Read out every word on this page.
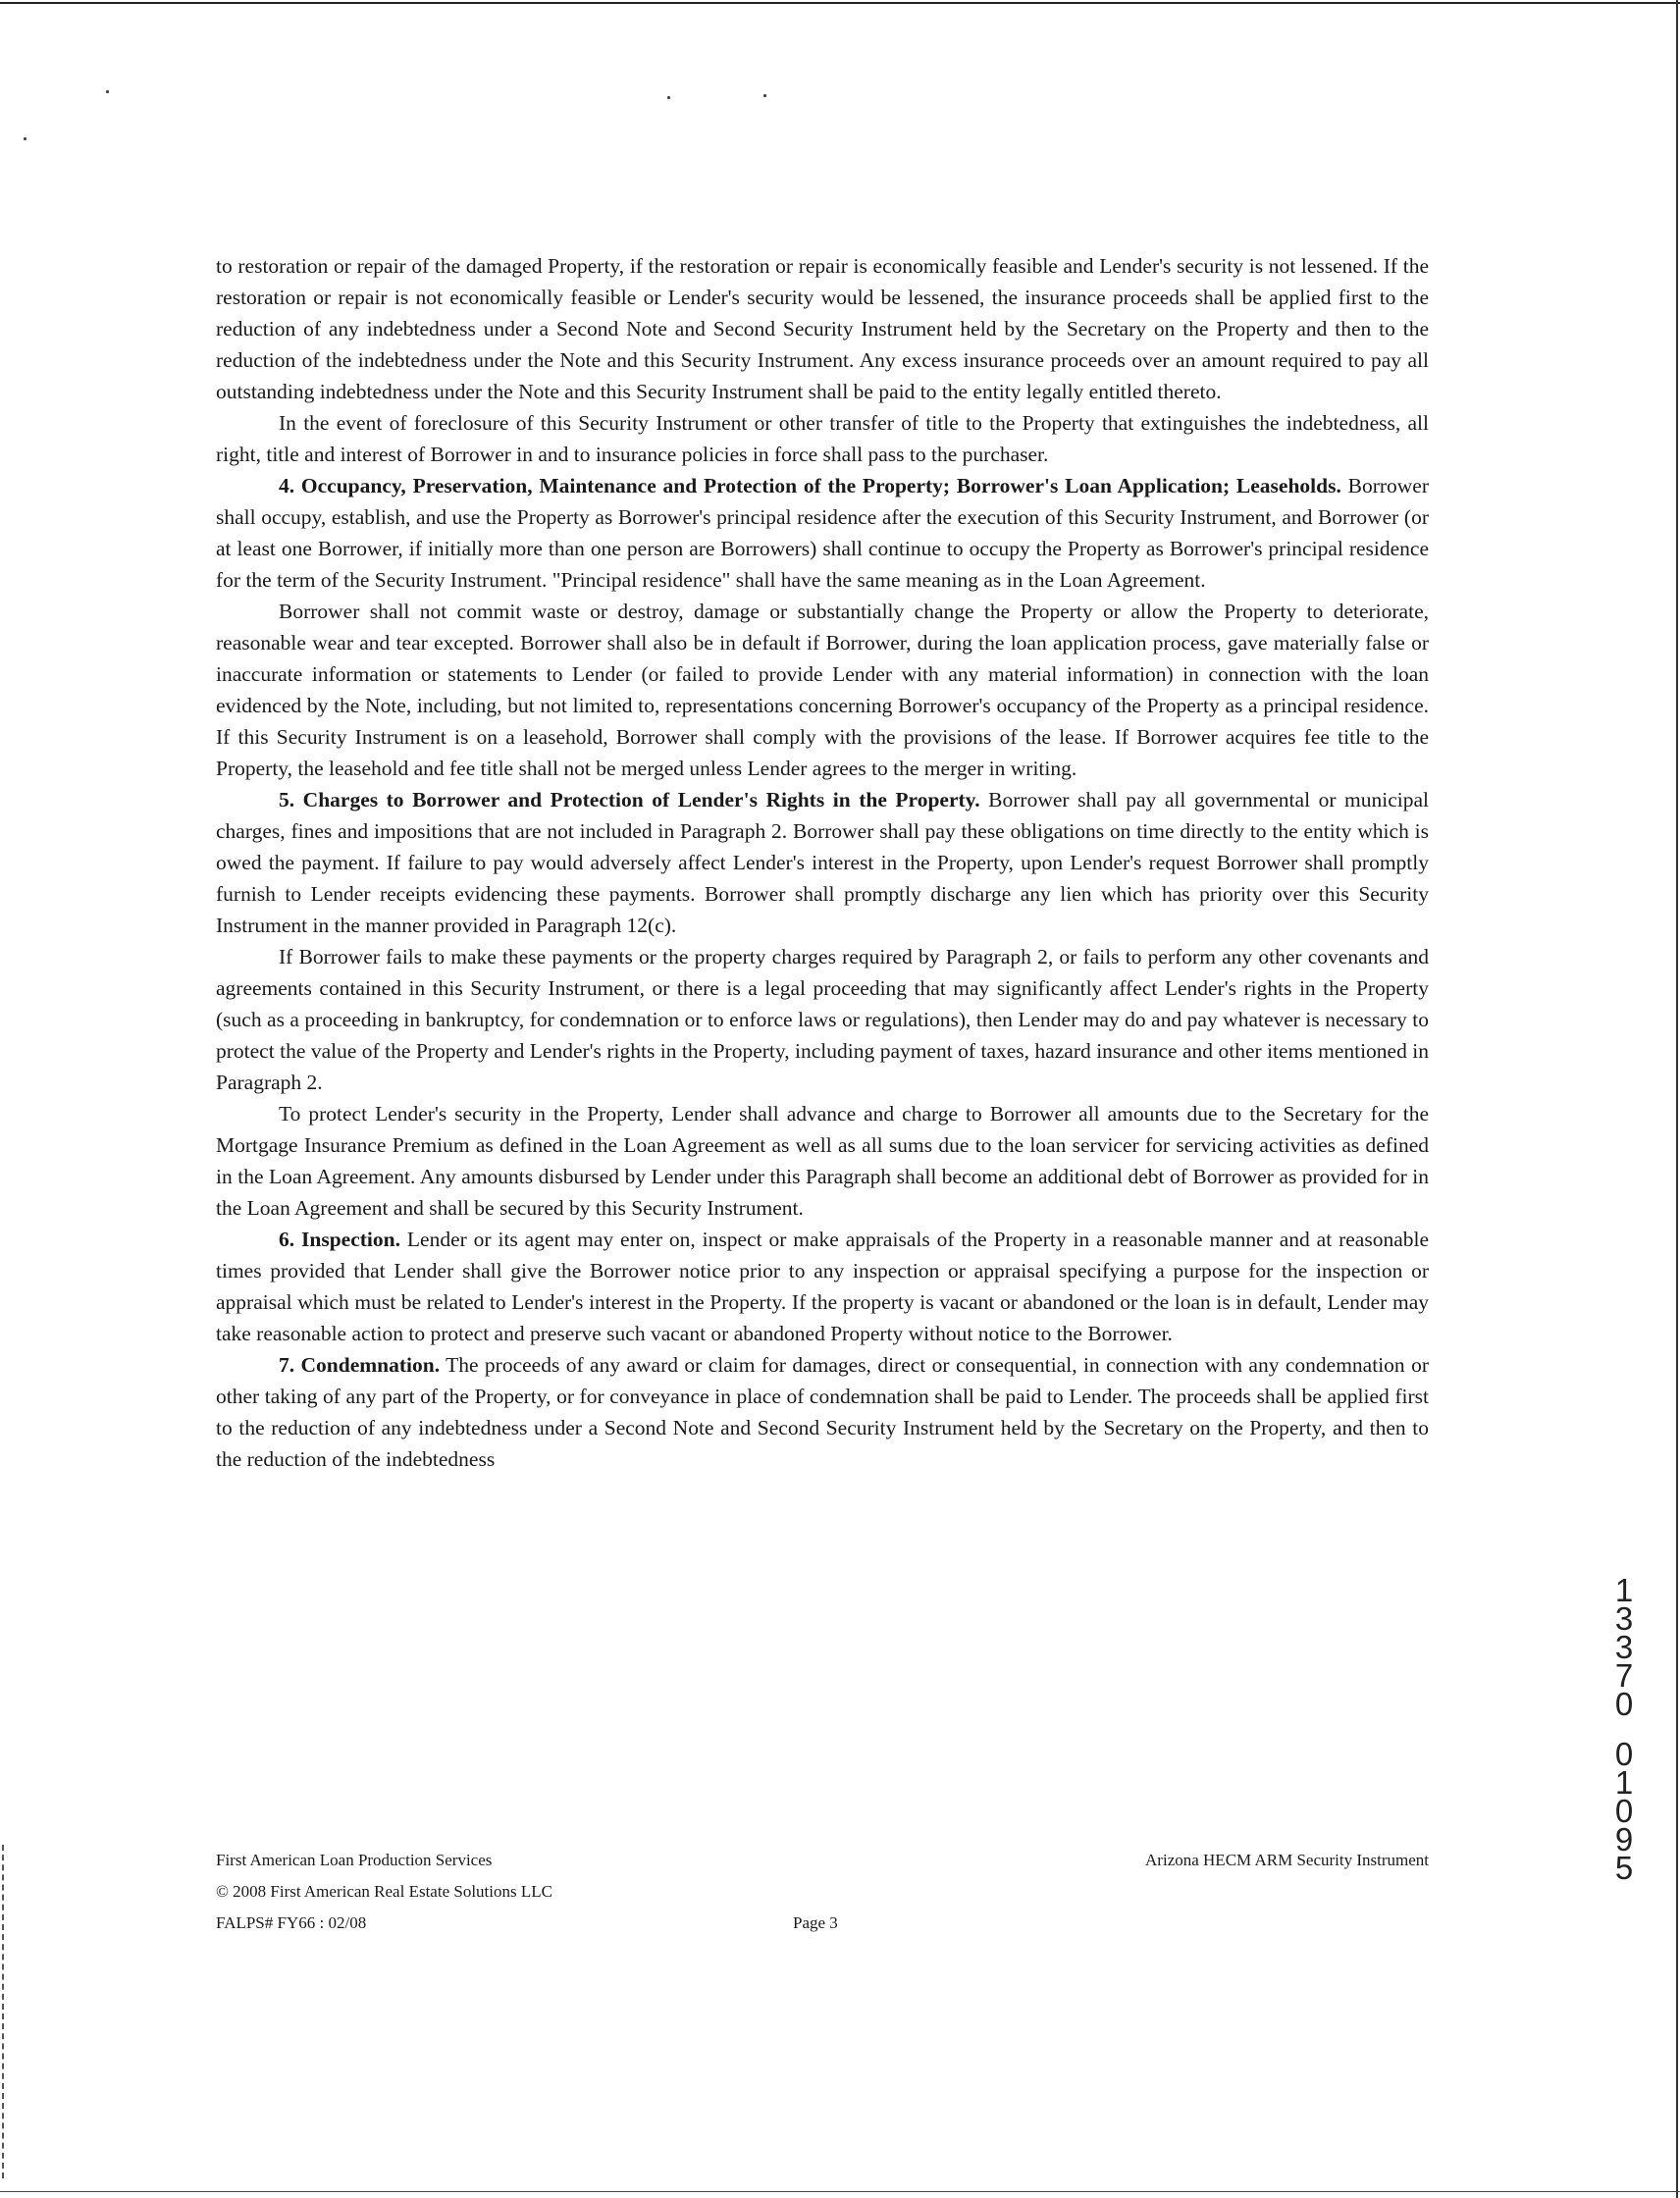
to restoration or repair of the damaged Property, if the restoration or repair is economically feasible and Lender's security is not lessened. If the restoration or repair is not economically feasible or Lender's security would be lessened, the insurance proceeds shall be applied first to the reduction of any indebtedness under a Second Note and Second Security Instrument held by the Secretary on the Property and then to the reduction of the indebtedness under the Note and this Security Instrument. Any excess insurance proceeds over an amount required to pay all outstanding indebtedness under the Note and this Security Instrument shall be paid to the entity legally entitled thereto.

In the event of foreclosure of this Security Instrument or other transfer of title to the Property that extinguishes the indebtedness, all right, title and interest of Borrower in and to insurance policies in force shall pass to the purchaser.

4. Occupancy, Preservation, Maintenance and Protection of the Property; Borrower's Loan Application; Leaseholds. Borrower shall occupy, establish, and use the Property as Borrower's principal residence after the execution of this Security Instrument, and Borrower (or at least one Borrower, if initially more than one person are Borrowers) shall continue to occupy the Property as Borrower's principal residence for the term of the Security Instrument. "Principal residence" shall have the same meaning as in the Loan Agreement.

Borrower shall not commit waste or destroy, damage or substantially change the Property or allow the Property to deteriorate, reasonable wear and tear excepted. Borrower shall also be in default if Borrower, during the loan application process, gave materially false or inaccurate information or statements to Lender (or failed to provide Lender with any material information) in connection with the loan evidenced by the Note, including, but not limited to, representations concerning Borrower's occupancy of the Property as a principal residence. If this Security Instrument is on a leasehold, Borrower shall comply with the provisions of the lease. If Borrower acquires fee title to the Property, the leasehold and fee title shall not be merged unless Lender agrees to the merger in writing.

5. Charges to Borrower and Protection of Lender's Rights in the Property. Borrower shall pay all governmental or municipal charges, fines and impositions that are not included in Paragraph 2. Borrower shall pay these obligations on time directly to the entity which is owed the payment. If failure to pay would adversely affect Lender's interest in the Property, upon Lender's request Borrower shall promptly furnish to Lender receipts evidencing these payments. Borrower shall promptly discharge any lien which has priority over this Security Instrument in the manner provided in Paragraph 12(c).

If Borrower fails to make these payments or the property charges required by Paragraph 2, or fails to perform any other covenants and agreements contained in this Security Instrument, or there is a legal proceeding that may significantly affect Lender's rights in the Property (such as a proceeding in bankruptcy, for condemnation or to enforce laws or regulations), then Lender may do and pay whatever is necessary to protect the value of the Property and Lender's rights in the Property, including payment of taxes, hazard insurance and other items mentioned in Paragraph 2.

To protect Lender's security in the Property, Lender shall advance and charge to Borrower all amounts due to the Secretary for the Mortgage Insurance Premium as defined in the Loan Agreement as well as all sums due to the loan servicer for servicing activities as defined in the Loan Agreement. Any amounts disbursed by Lender under this Paragraph shall become an additional debt of Borrower as provided for in the Loan Agreement and shall be secured by this Security Instrument.

6. Inspection. Lender or its agent may enter on, inspect or make appraisals of the Property in a reasonable manner and at reasonable times provided that Lender shall give the Borrower notice prior to any inspection or appraisal specifying a purpose for the inspection or appraisal which must be related to Lender's interest in the Property. If the property is vacant or abandoned or the loan is in default, Lender may take reasonable action to protect and preserve such vacant or abandoned Property without notice to the Borrower.

7. Condemnation. The proceeds of any award or claim for damages, direct or consequential, in connection with any condemnation or other taking of any part of the Property, or for conveyance in place of condemnation shall be paid to Lender. The proceeds shall be applied first to the reduction of any indebtedness under a Second Note and Second Security Instrument held by the Secretary on the Property, and then to the reduction of the indebtedness

1
3
3
7
0
0
1
0
9
5
First American Loan Production Services
© 2008 First American Real Estate Solutions LLC
FALPS# FY66 : 02/08
Arizona HECM ARM Security Instrument
Page 3
